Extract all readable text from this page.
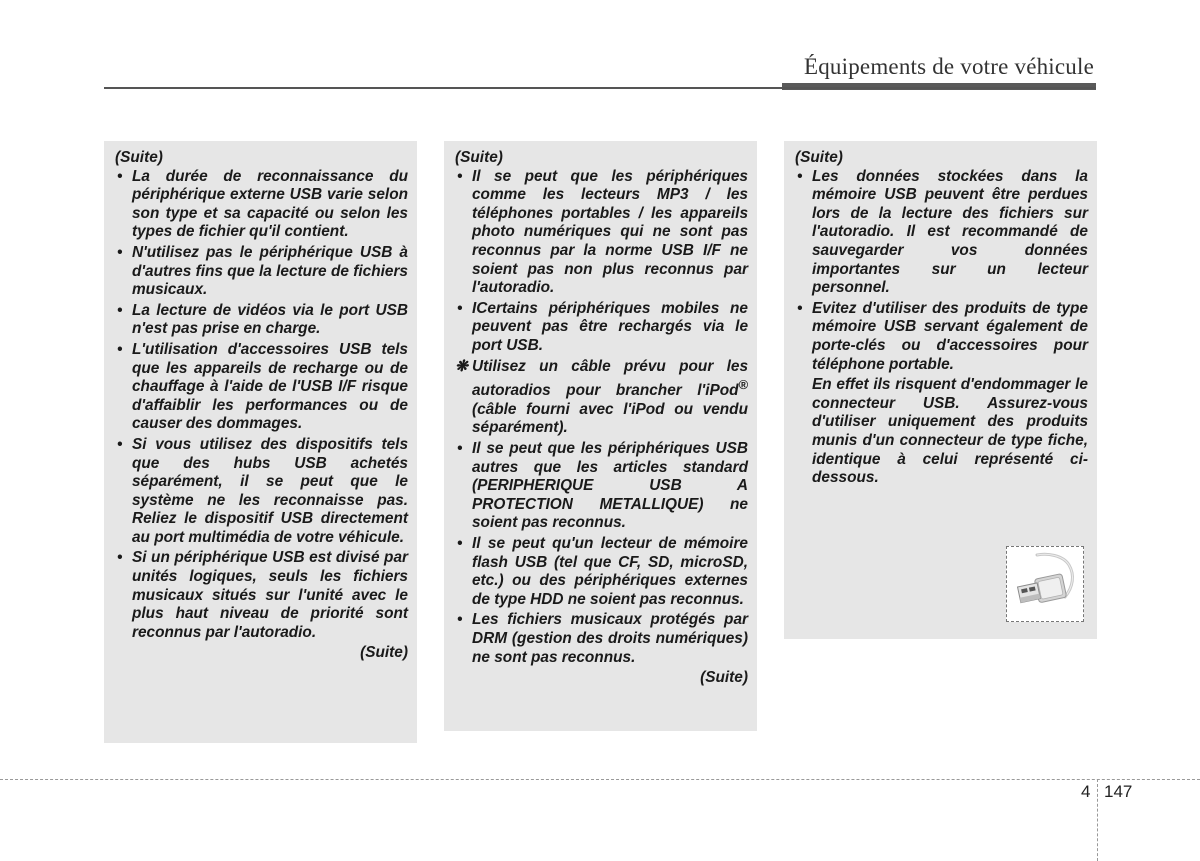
Équipements de votre véhicule

(Suite)

• La durée de reconnaissance du périphérique externe USB varie selon son type et sa capacité ou selon les types de fichier qu'il contient.
• N'utilisez pas le périphérique USB à d'autres fins que la lecture de fichiers musicaux.
• La lecture de vidéos via le port USB n'est pas prise en charge.
• L'utilisation d'accessoires USB tels que les appareils de recharge ou de chauffage à l'aide de l'USB I/F risque d'affaiblir les performances ou de causer des dommages.
• Si vous utilisez des dispositifs tels que des hubs USB achetés séparément, il se peut que le système ne les reconnaisse pas. Reliez le dispositif USB directement au port multimédia de votre véhicule.
• Si un périphérique USB est divisé par unités logiques, seuls les fichiers musicaux situés sur l'unité avec le plus haut niveau de priorité sont reconnus par l'autoradio.

(Suite)

(Suite)

• Il se peut que les périphériques comme les lecteurs MP3 / les téléphones portables / les appareils photo numériques qui ne sont pas reconnus par la norme USB I/F ne soient pas non plus reconnus par l'autoradio.
• ICertains périphériques mobiles ne peuvent pas être rechargés via le port USB.
❋ Utilisez un câble prévu pour les autoradios pour brancher l'iPod® (câble fourni avec l'iPod ou vendu séparément).
• Il se peut que les périphériques USB autres que les articles standard (PERIPHERIQUE USB A PROTECTION METALLIQUE) ne soient pas reconnus.
• Il se peut qu'un lecteur de mémoire flash USB (tel que CF, SD, microSD, etc.) ou des périphériques externes de type HDD ne soient pas reconnus.
• Les fichiers musicaux protégés par DRM (gestion des droits numériques) ne sont pas reconnus.

(Suite)

(Suite)

• Les données stockées dans la mémoire USB peuvent être perdues lors de la lecture des fichiers sur l'autoradio. Il est recommandé de sauvegarder vos données importantes sur un lecteur personnel.
• Evitez d'utiliser des produits de type mémoire USB servant également de porte-clés ou d'accessoires pour téléphone portable.

En effet ils risquent d'endommager le connecteur USB. Assurez-vous d'utiliser uniquement des produits munis d'un connecteur de type fiche, identique à celui représenté ci-dessous.

4 147
